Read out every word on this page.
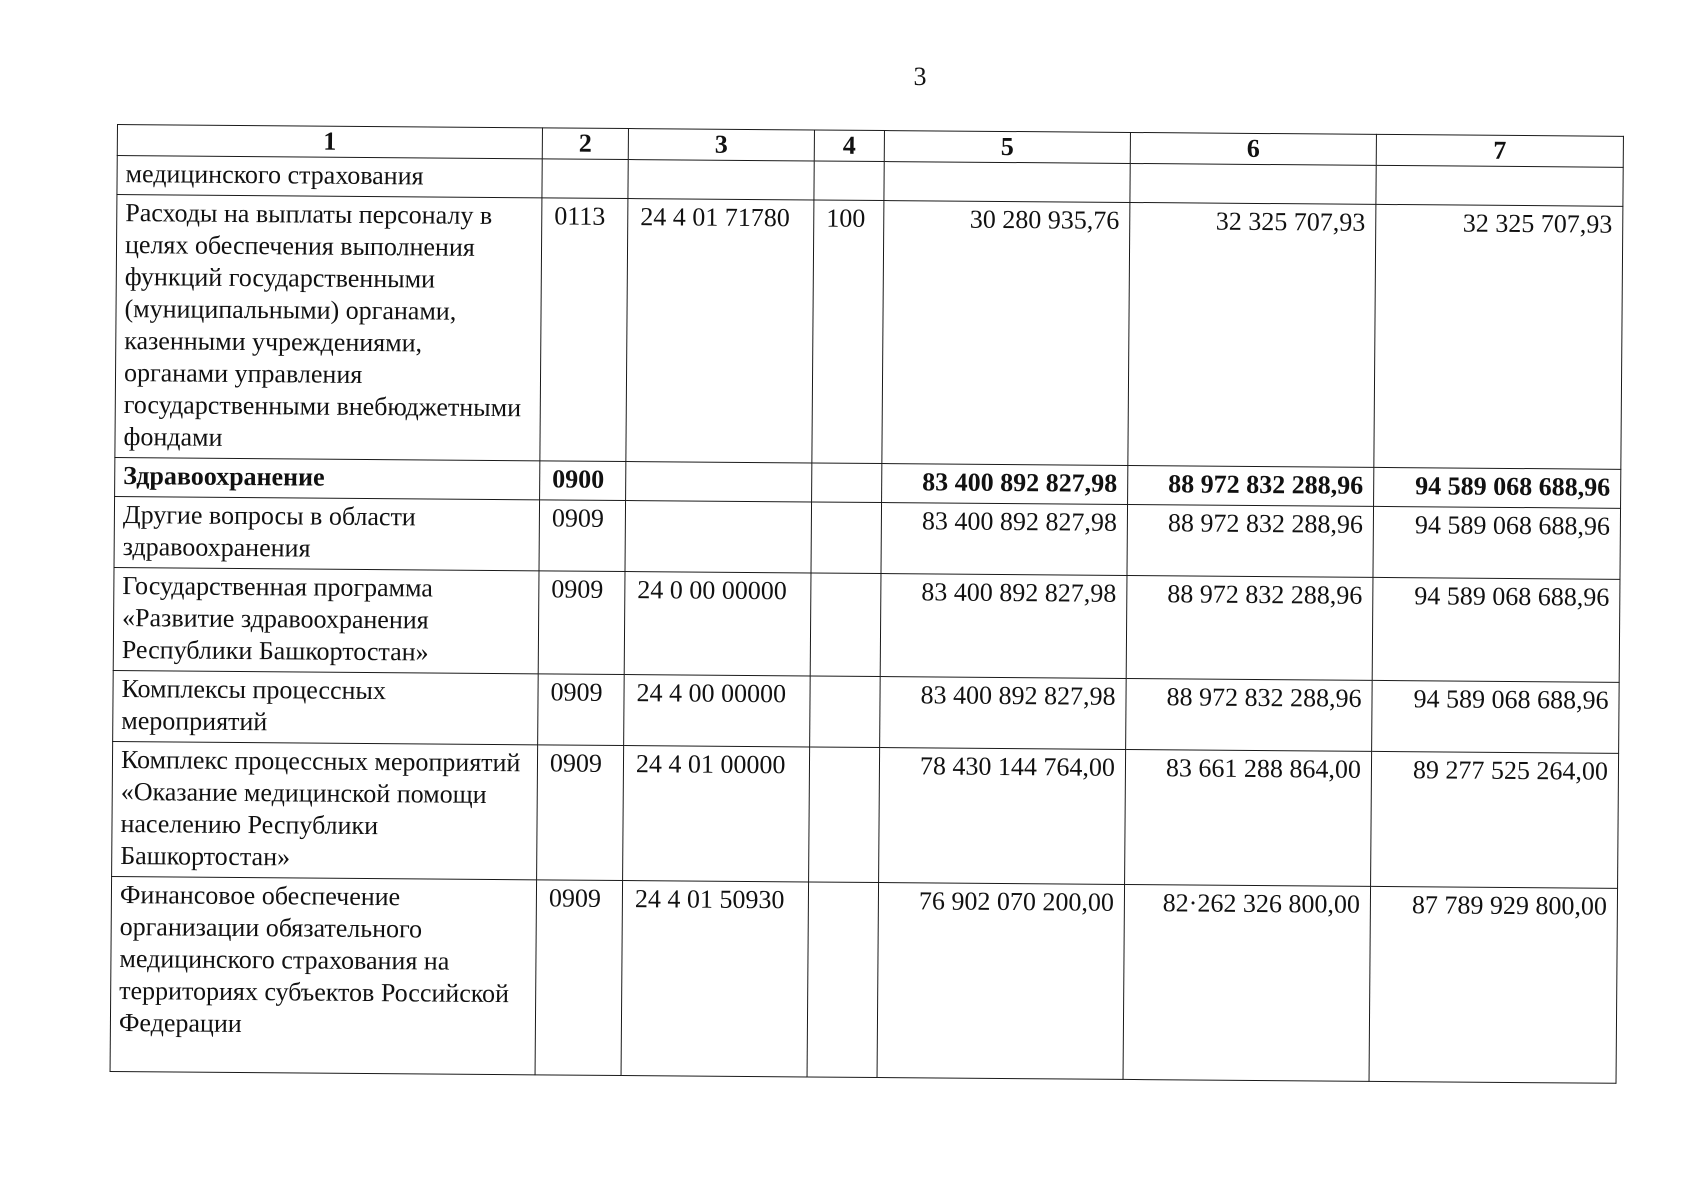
3
1	2	3	4	5	6	7
медицинского страхования						
Расходы на выплаты персоналу в целях обеспечения выполнения функций государственными (муниципальными) органами, казенными учреждениями, органами управления государственными внебюджетными фондами	0113	24 4 01 71780	100	30 280 935,76	32 325 707,93	32 325 707,93
Здравоохранение	0900			83 400 892 827,98	88 972 832 288,96	94 589 068 688,96
Другие вопросы в области здравоохранения	0909			83 400 892 827,98	88 972 832 288,96	94 589 068 688,96
Государственная программа «Развитие здравоохранения Республики Башкортостан»	0909	24 0 00 00000		83 400 892 827,98	88 972 832 288,96	94 589 068 688,96
Комплексы процессных мероприятий	0909	24 4 00 00000		83 400 892 827,98	88 972 832 288,96	94 589 068 688,96
Комплекс процессных мероприятий «Оказание медицинской помощи населению Республики Башкортостан»	0909	24 4 01 00000		78 430 144 764,00	83 661 288 864,00	89 277 525 264,00
Финансовое обеспечение организации обязательного медицинского страхования на территориях субъектов Российской Федерации	0909	24 4 01 50930		76 902 070 200,00	82·262 326 800,00	87 789 929 800,00
